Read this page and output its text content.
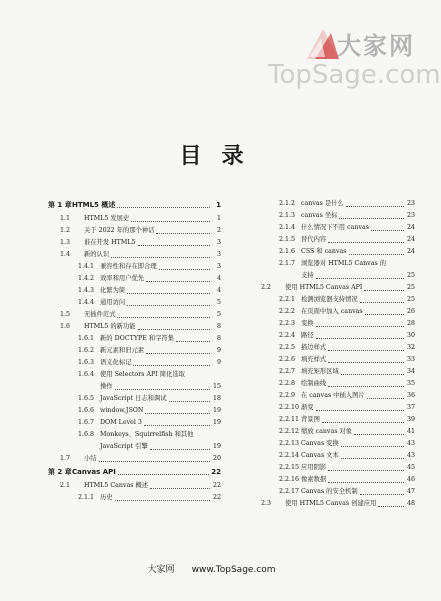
大家网
TopSage.com
目录
第 1 章 HTML5 概述	1
1.1	HTML5 发展史	1
1.2	关于 2022 年的那个神话	2
1.3	谁在开发 HTML5	3
1.4	新的认识	3
1.4.1 兼容性和存在即合理	3
1.4.2 效率和用户优先	4
1.4.3 化繁为简	4
1.4.4 通用访问	5
1.5	无插件范式	5
1.6	HTML5 的新功能	8
1.6.1 新的 DOCTYPE 和字符集	8
1.6.2 新元素和旧元素	9
1.6.3 语义化标记	9
1.6.4 使用 Selectors API 简化选取
操作	15
1.6.5 JavaScript 日志和调试	18
1.6.6 window.JSON	19
1.6.7 DOM Level 3	19
1.6.8 Monkeys、Squirrelfish 和其他
JavaScript 引擎	19
1.7	小结	20
第 2 章 Canvas API	22
2.1	HTML5 Canvas 概述	22
2.1.1 历史	22
2.1.2 canvas 是什么	23
2.1.3 canvas 坐标	23
2.1.4 什么情况下不用 canvas	24
2.1.5 替代内容	24
2.1.6 CSS 和 canvas	24
2.1.7 浏览器对 HTML5 Canvas 的
支持	25
2.2	使用 HTML5 Canvas API	25
2.2.1 检测浏览器支持情况	25
2.2.2 在页面中加入 canvas	26
2.2.3 变换	28
2.2.4 路径	30
2.2.5 描边样式	32
2.2.6 填充样式	33
2.2.7 填充矩形区域	34
2.2.8 绘制曲线	35
2.2.9 在 canvas 中插入图片	36
2.2.10 渐变	37
2.2.11 背景图	39
2.2.12 缩放 canvas 对象	41
2.2.13 Canvas 变换	43
2.2.14 Canvas 文本	43
2.2.15 应用阴影	45
2.2.16 像素数据	46
2.2.17 Canvas 的安全机制	47
2.3	使用 HTML5 Canvas 创建应用	48
大家网 www.TopSage.com
